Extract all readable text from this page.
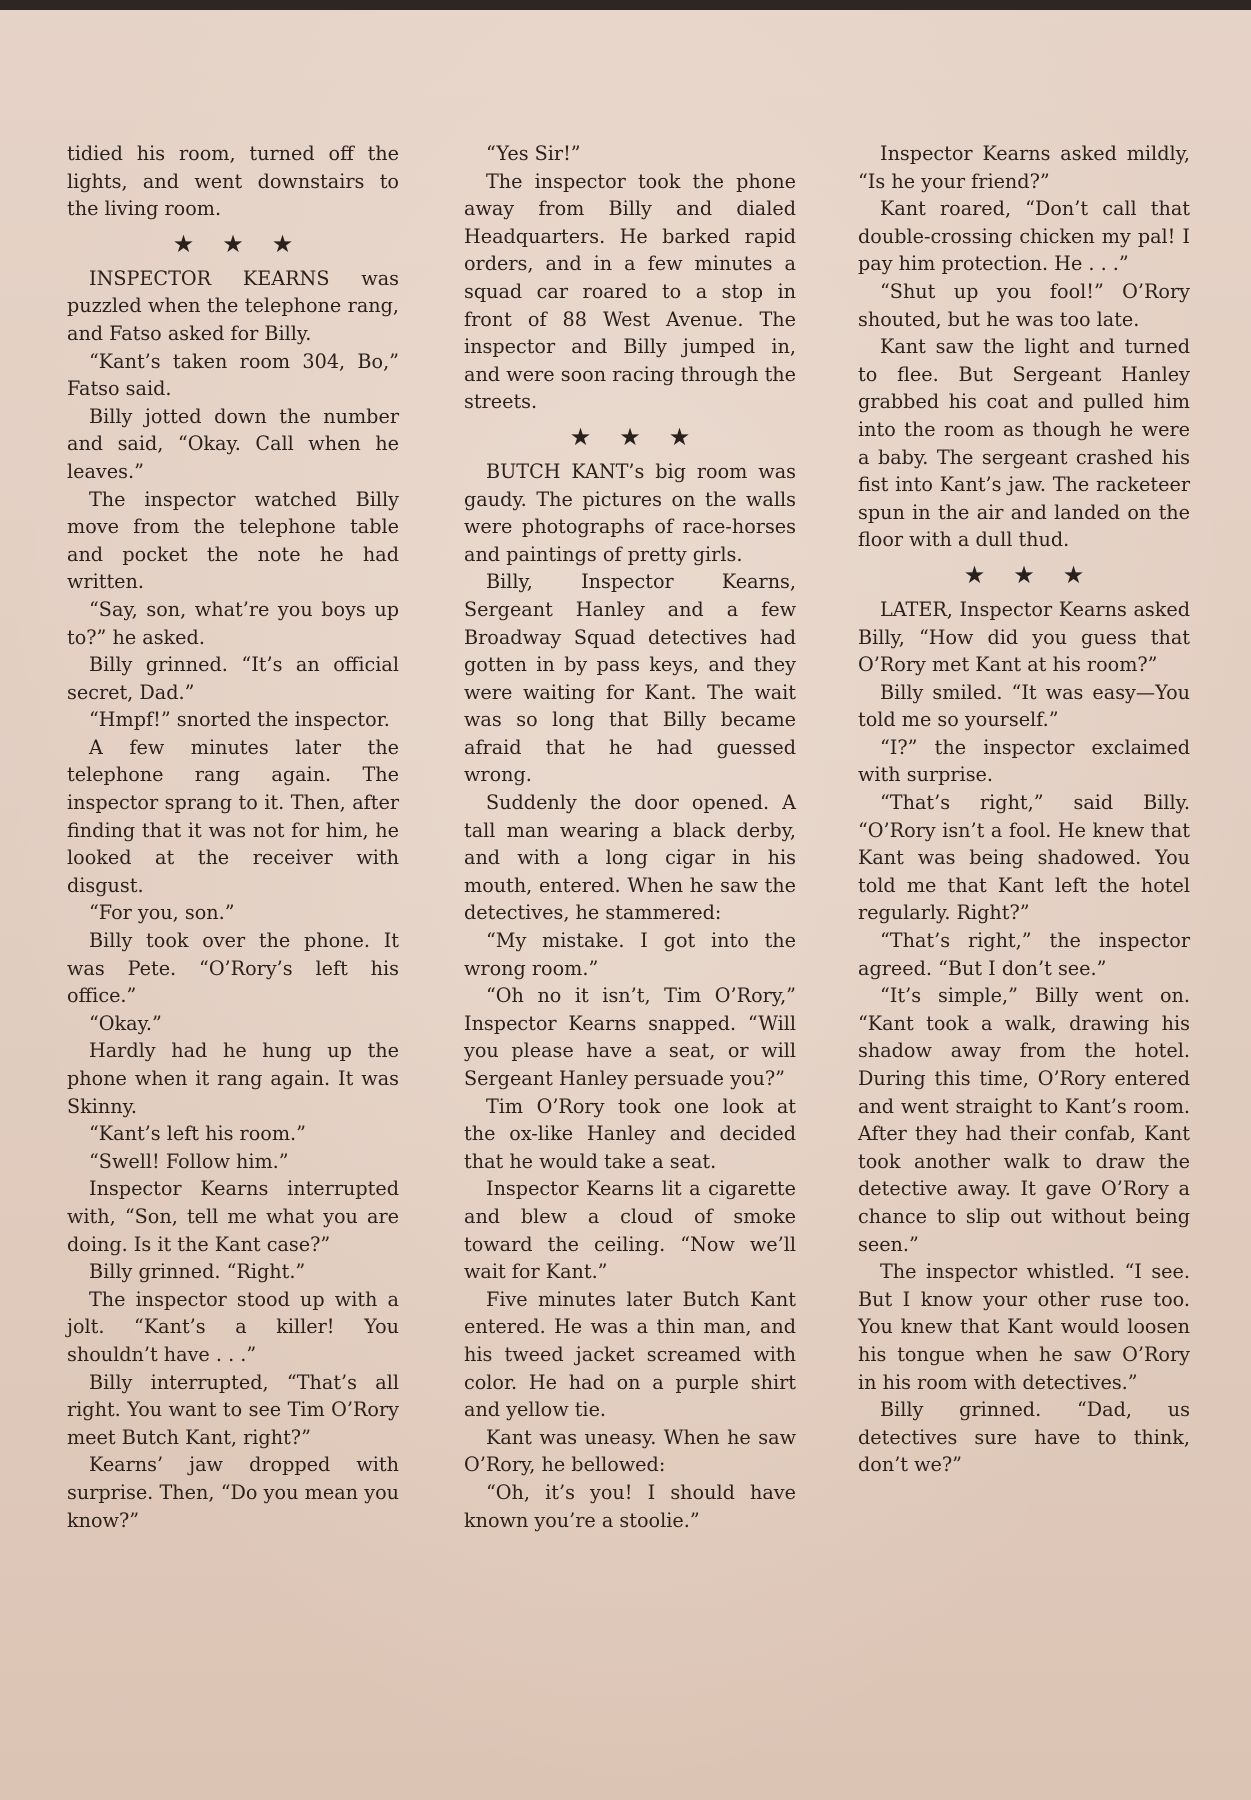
tidied his room, turned off the lights, and went downstairs to the living room.

★ ★ ★

INSPECTOR KEARNS was puzzled when the telephone rang, and Fatso asked for Billy.

“Kant’s taken room 304, Bo,” Fatso said.

Billy jotted down the number and said, “Okay. Call when he leaves.”

The inspector watched Billy move from the telephone table and pocket the note he had written.

“Say, son, what’re you boys up to?” he asked.

Billy grinned. “It’s an official secret, Dad.”

“Hmpf!” snorted the inspector.

A few minutes later the telephone rang again. The inspector sprang to it. Then, after finding that it was not for him, he looked at the receiver with disgust.

“For you, son.”

Billy took over the phone. It was Pete. “O’Rory’s left his office.”

“Okay.”

Hardly had he hung up the phone when it rang again. It was Skinny.

“Kant’s left his room.”

“Swell! Follow him.”

Inspector Kearns interrupted with, “Son, tell me what you are doing. Is it the Kant case?”

Billy grinned. “Right.”

The inspector stood up with a jolt. “Kant’s a killer! You shouldn’t have . . .”

Billy interrupted, “That’s all right. You want to see Tim O’Rory meet Butch Kant, right?”

Kearns’ jaw dropped with surprise. Then, “Do you mean you know?”

“Yes Sir!”

The inspector took the phone away from Billy and dialed Headquarters. He barked rapid orders, and in a few minutes a squad car roared to a stop in front of 88 West Avenue. The inspector and Billy jumped in, and were soon racing through the streets.

★ ★ ★

BUTCH KANT’s big room was gaudy. The pictures on the walls were photographs of race-horses and paintings of pretty girls.

Billy, Inspector Kearns, Sergeant Hanley and a few Broadway Squad detectives had gotten in by pass keys, and they were waiting for Kant. The wait was so long that Billy became afraid that he had guessed wrong.

Suddenly the door opened. A tall man wearing a black derby, and with a long cigar in his mouth, entered. When he saw the detectives, he stammered:

“My mistake. I got into the wrong room.”

“Oh no it isn’t, Tim O’Rory,” Inspector Kearns snapped. “Will you please have a seat, or will Sergeant Hanley persuade you?”

Tim O’Rory took one look at the ox-like Hanley and decided that he would take a seat.

Inspector Kearns lit a cigarette and blew a cloud of smoke toward the ceiling. “Now we’ll wait for Kant.”

Five minutes later Butch Kant entered. He was a thin man, and his tweed jacket screamed with color. He had on a purple shirt and yellow tie.

Kant was uneasy. When he saw O’Rory, he bellowed:

“Oh, it’s you! I should have known you’re a stoolie.”

Inspector Kearns asked mildly, “Is he your friend?”

Kant roared, “Don’t call that double-crossing chicken my pal! I pay him protection. He . . .”

“Shut up you fool!” O’Rory shouted, but he was too late.

Kant saw the light and turned to flee. But Sergeant Hanley grabbed his coat and pulled him into the room as though he were a baby. The sergeant crashed his fist into Kant’s jaw. The racketeer spun in the air and landed on the floor with a dull thud.

★ ★ ★

LATER, Inspector Kearns asked Billy, “How did you guess that O’Rory met Kant at his room?”

Billy smiled. “It was easy—You told me so yourself.”

“I?” the inspector exclaimed with surprise.

“That’s right,” said Billy. “O’Rory isn’t a fool. He knew that Kant was being shadowed. You told me that Kant left the hotel regularly. Right?”

“That’s right,” the inspector agreed. “But I don’t see.”

“It’s simple,” Billy went on. “Kant took a walk, drawing his shadow away from the hotel. During this time, O’Rory entered and went straight to Kant’s room. After they had their confab, Kant took another walk to draw the detective away. It gave O’Rory a chance to slip out without being seen.”

The inspector whistled. “I see. But I know your other ruse too. You knew that Kant would loosen his tongue when he saw O’Rory in his room with detectives.”

Billy grinned. “Dad, us detectives sure have to think, don’t we?”
